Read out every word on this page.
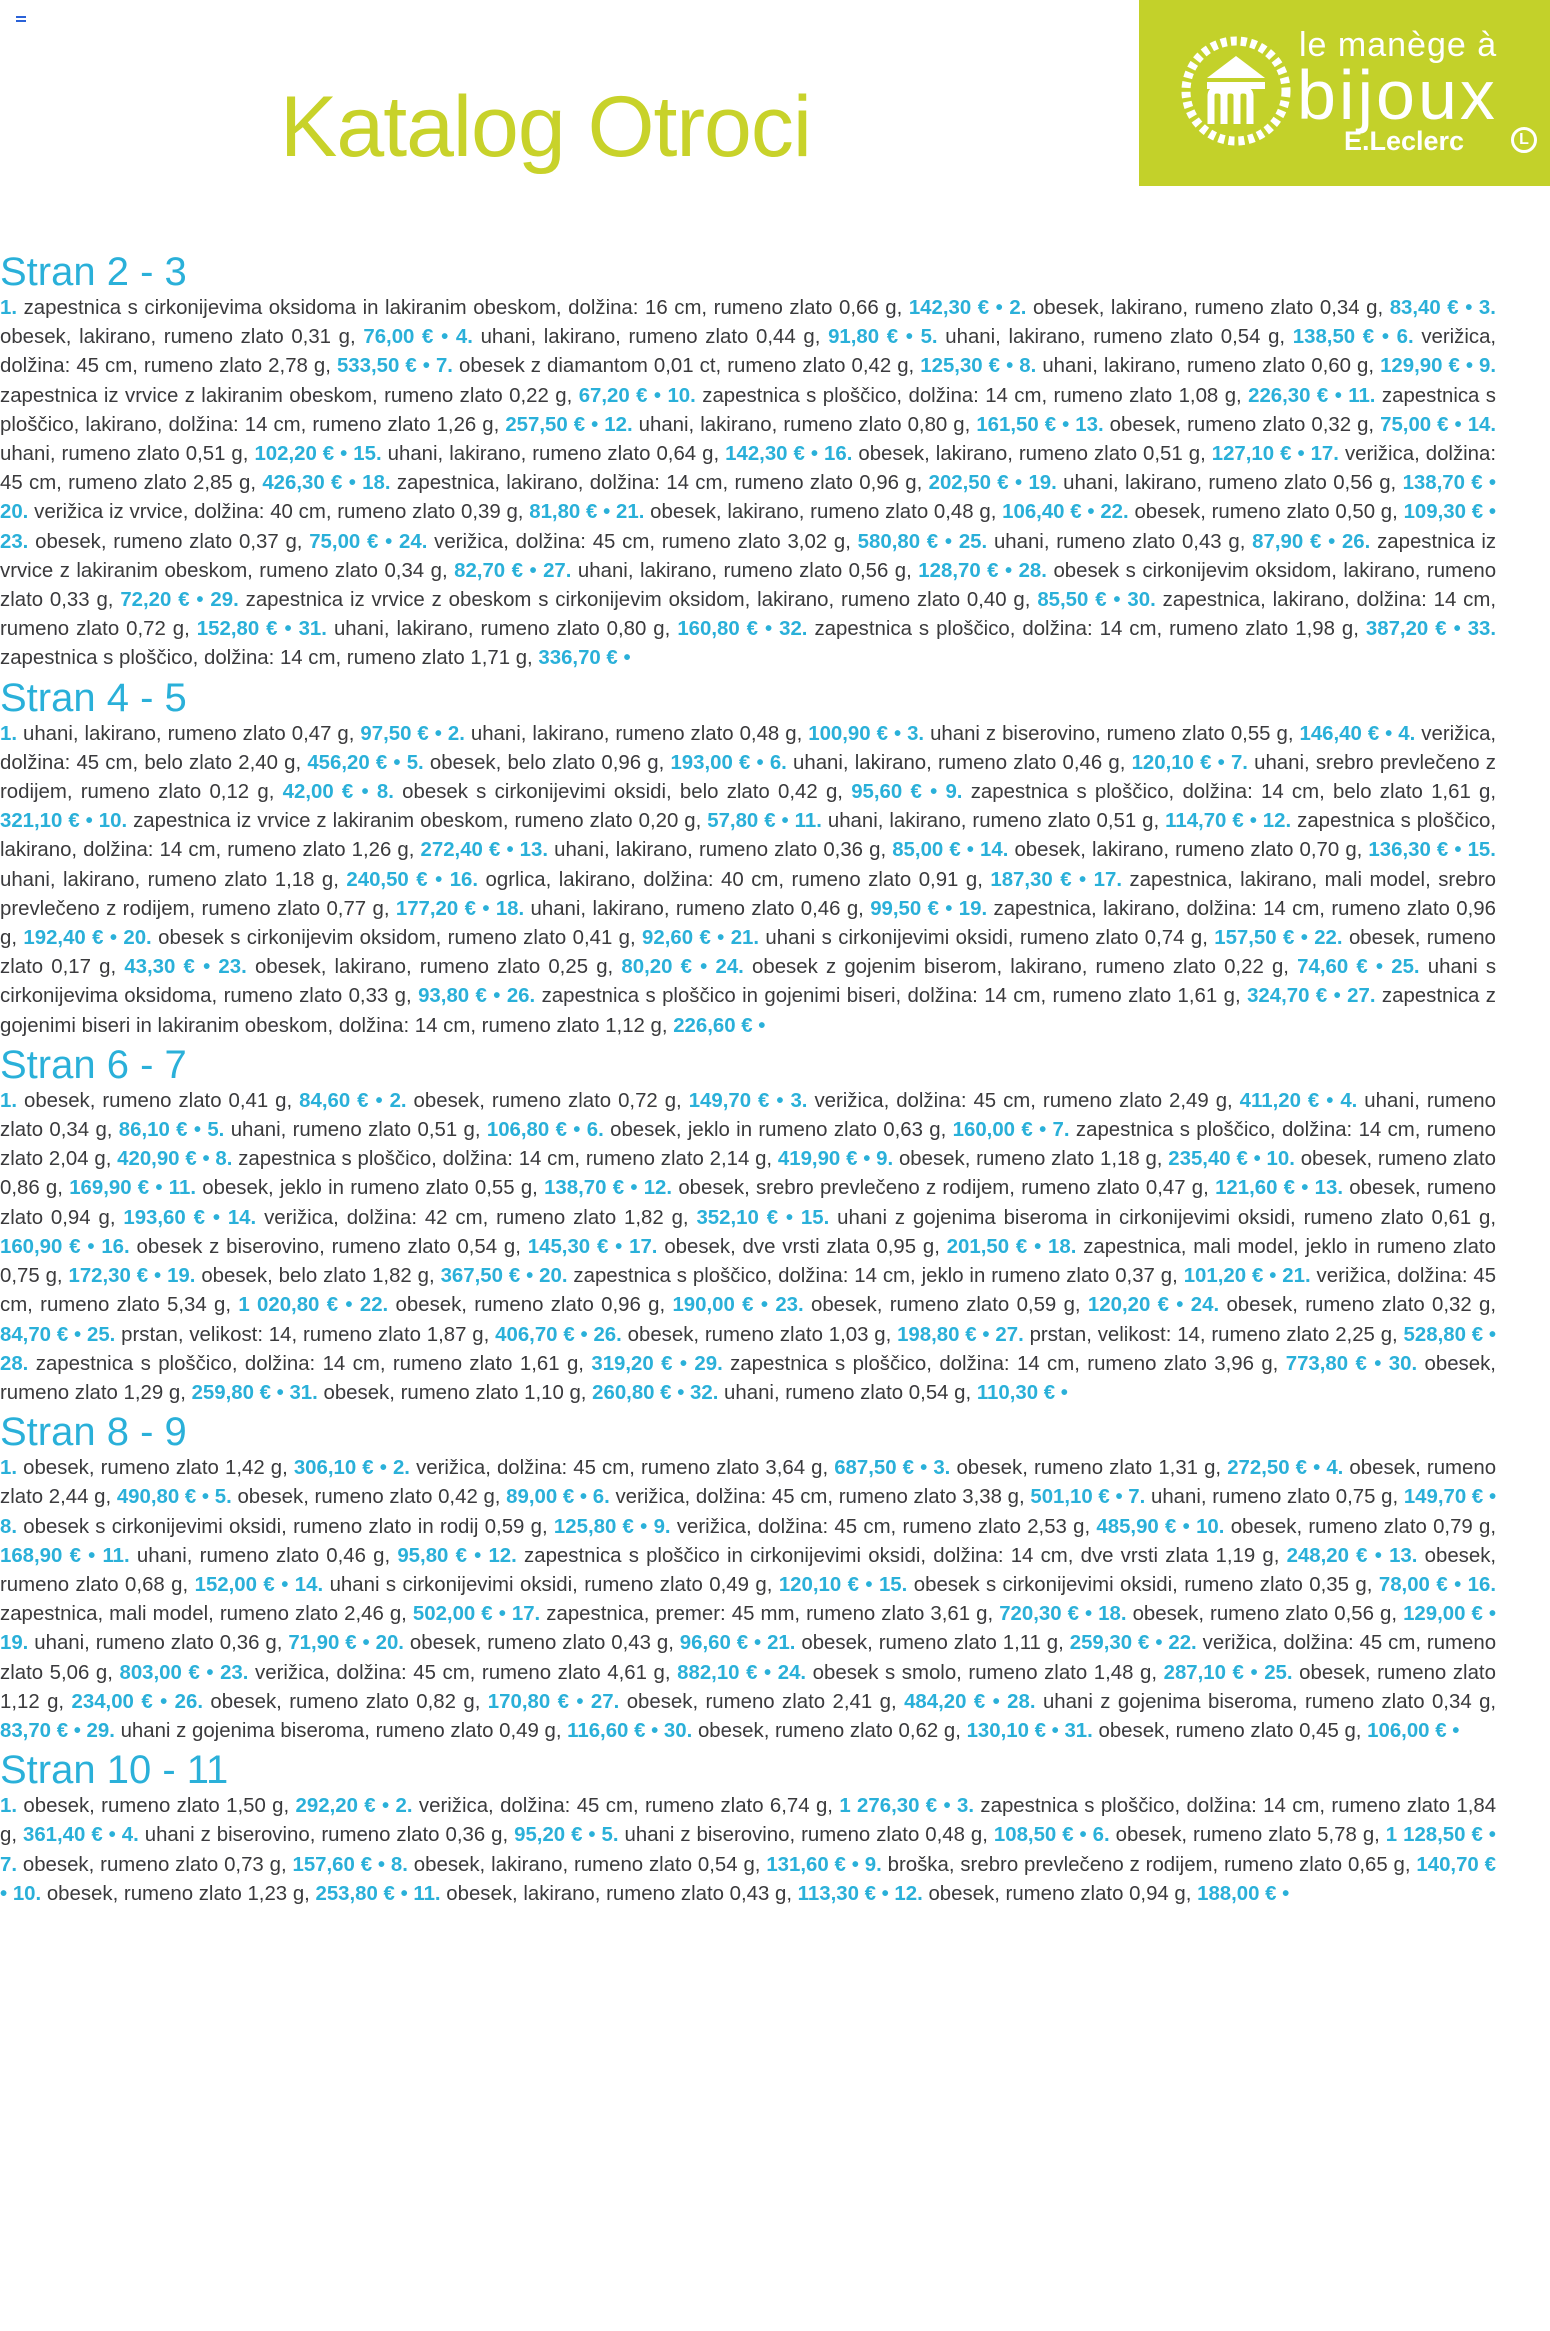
Katalog Otroci
le manège à
bijoux
E.Leclerc	L
Stran 2 - 3
1. zapestnica s cirkonijevima oksidoma in lakiranim obeskom, dolžina: 16 cm, rumeno zlato 0,66 g, 142,30 € • 2. obesek, lakirano, rumeno zlato 0,34 g, 83,40 € • 3. obesek, lakirano, rumeno zlato 0,31 g, 76,00 € • 4. uhani, lakirano, rumeno zlato 0,44 g, 91,80 € • 5. uhani, lakirano, rumeno zlato 0,54 g, 138,50 € • 6. verižica, dolžina: 45 cm, rumeno zlato 2,78 g, 533,50 € • 7. obesek z diamantom 0,01 ct, rumeno zlato 0,42 g, 125,30 € • 8. uhani, lakirano, rumeno zlato 0,60 g, 129,90 € • 9. zapestnica iz vrvice z lakiranim obeskom, rumeno zlato 0,22 g, 67,20 € • 10. zapestnica s ploščico, dolžina: 14 cm, rumeno zlato 1,08 g, 226,30 € • 11. zapestnica s ploščico, lakirano, dolžina: 14 cm, rumeno zlato 1,26 g, 257,50 € • 12. uhani, lakirano, rumeno zlato 0,80 g, 161,50 € • 13. obesek, rumeno zlato 0,32 g, 75,00 € • 14. uhani, rumeno zlato 0,51 g, 102,20 € • 15. uhani, lakirano, rumeno zlato 0,64 g, 142,30 € • 16. obesek, lakirano, rumeno zlato 0,51 g, 127,10 € • 17. verižica, dolžina: 45 cm, rumeno zlato 2,85 g, 426,30 € • 18. zapestnica, lakirano, dolžina: 14 cm, rumeno zlato 0,96 g, 202,50 € • 19. uhani, lakirano, rumeno zlato 0,56 g, 138,70 € • 20. verižica iz vrvice, dolžina: 40 cm, rumeno zlato 0,39 g, 81,80 € • 21. obesek, lakirano, rumeno zlato 0,48 g, 106,40 € • 22. obesek, rumeno zlato 0,50 g, 109,30 € • 23. obesek, rumeno zlato 0,37 g, 75,00 € • 24. verižica, dolžina: 45 cm, rumeno zlato 3,02 g, 580,80 € • 25. uhani, rumeno zlato 0,43 g, 87,90 € • 26. zapestnica iz vrvice z lakiranim obeskom, rumeno zlato 0,34 g, 82,70 € • 27. uhani, lakirano, rumeno zlato 0,56 g, 128,70 € • 28. obesek s cirkonijevim oksidom, lakirano, rumeno zlato 0,33 g, 72,20 € • 29. zapestnica iz vrvice z obeskom s cirkonijevim oksidom, lakirano, rumeno zlato 0,40 g, 85,50 € • 30. zapestnica, lakirano, dolžina: 14 cm, rumeno zlato 0,72 g, 152,80 € • 31. uhani, lakirano, rumeno zlato 0,80 g, 160,80 € • 32. zapestnica s ploščico, dolžina: 14 cm, rumeno zlato 1,98 g, 387,20 € • 33. zapestnica s ploščico, dolžina: 14 cm, rumeno zlato 1,71 g, 336,70 € •
Stran 4 - 5
1. uhani, lakirano, rumeno zlato 0,47 g, 97,50 € • 2. uhani, lakirano, rumeno zlato 0,48 g, 100,90 € • 3. uhani z biserovino, rumeno zlato 0,55 g, 146,40 € • 4. verižica, dolžina: 45 cm, belo zlato 2,40 g, 456,20 € • 5. obesek, belo zlato 0,96 g, 193,00 € • 6. uhani, lakirano, rumeno zlato 0,46 g, 120,10 € • 7. uhani, srebro prevlečeno z rodijem, rumeno zlato 0,12 g, 42,00 € • 8. obesek s cirkonijevimi oksidi, belo zlato 0,42 g, 95,60 € • 9. zapestnica s ploščico, dolžina: 14 cm, belo zlato 1,61 g, 321,10 € • 10. zapestnica iz vrvice z lakiranim obeskom, rumeno zlato 0,20 g, 57,80 € • 11. uhani, lakirano, rumeno zlato 0,51 g, 114,70 € • 12. zapestnica s ploščico, lakirano, dolžina: 14 cm, rumeno zlato 1,26 g, 272,40 € • 13. uhani, lakirano, rumeno zlato 0,36 g, 85,00 € • 14. obesek, lakirano, rumeno zlato 0,70 g, 136,30 € • 15. uhani, lakirano, rumeno zlato 1,18 g, 240,50 € • 16. ogrlica, lakirano, dolžina: 40 cm, rumeno zlato 0,91 g, 187,30 € • 17. zapestnica, lakirano, mali model, srebro prevlečeno z rodijem, rumeno zlato 0,77 g, 177,20 € • 18. uhani, lakirano, rumeno zlato 0,46 g, 99,50 € • 19. zapestnica, lakirano, dolžina: 14 cm, rumeno zlato 0,96 g, 192,40 € • 20. obesek s cirkonijevim oksidom, rumeno zlato 0,41 g, 92,60 € • 21. uhani s cirkonijevimi oksidi, rumeno zlato 0,74 g, 157,50 € • 22. obesek, rumeno zlato 0,17 g, 43,30 € • 23. obesek, lakirano, rumeno zlato 0,25 g, 80,20 € • 24. obesek z gojenim biserom, lakirano, rumeno zlato 0,22 g, 74,60 € • 25. uhani s cirkonijevima oksidoma, rumeno zlato 0,33 g, 93,80 € • 26. zapestnica s ploščico in gojenimi biseri, dolžina: 14 cm, rumeno zlato 1,61 g, 324,70 € • 27. zapestnica z gojenimi biseri in lakiranim obeskom, dolžina: 14 cm, rumeno zlato 1,12 g, 226,60 € •
Stran 6 - 7
1. obesek, rumeno zlato 0,41 g, 84,60 € • 2. obesek, rumeno zlato 0,72 g, 149,70 € • 3. verižica, dolžina: 45 cm, rumeno zlato 2,49 g, 411,20 € • 4. uhani, rumeno zlato 0,34 g, 86,10 € • 5. uhani, rumeno zlato 0,51 g, 106,80 € • 6. obesek, jeklo in rumeno zlato 0,63 g, 160,00 € • 7. zapestnica s ploščico, dolžina: 14 cm, rumeno zlato 2,04 g, 420,90 € • 8. zapestnica s ploščico, dolžina: 14 cm, rumeno zlato 2,14 g, 419,90 € • 9. obesek, rumeno zlato 1,18 g, 235,40 € • 10. obesek, rumeno zlato 0,86 g, 169,90 € • 11. obesek, jeklo in rumeno zlato 0,55 g, 138,70 € • 12. obesek, srebro prevlečeno z rodijem, rumeno zlato 0,47 g, 121,60 € • 13. obesek, rumeno zlato 0,94 g, 193,60 € • 14. verižica, dolžina: 42 cm, rumeno zlato 1,82 g, 352,10 € • 15. uhani z gojenima biseroma in cirkonijevimi oksidi, rumeno zlato 0,61 g, 160,90 € • 16. obesek z biserovino, rumeno zlato 0,54 g, 145,30 € • 17. obesek, dve vrsti zlata 0,95 g, 201,50 € • 18. zapestnica, mali model, jeklo in rumeno zlato 0,75 g, 172,30 € • 19. obesek, belo zlato 1,82 g, 367,50 € • 20. zapestnica s ploščico, dolžina: 14 cm, jeklo in rumeno zlato 0,37 g, 101,20 € • 21. verižica, dolžina: 45 cm, rumeno zlato 5,34 g, 1 020,80 € • 22. obesek, rumeno zlato 0,96 g, 190,00 € • 23. obesek, rumeno zlato 0,59 g, 120,20 € • 24. obesek, rumeno zlato 0,32 g, 84,70 € • 25. prstan, velikost: 14, rumeno zlato 1,87 g, 406,70 € • 26. obesek, rumeno zlato 1,03 g, 198,80 € • 27. prstan, velikost: 14, rumeno zlato 2,25 g, 528,80 € • 28. zapestnica s ploščico, dolžina: 14 cm, rumeno zlato 1,61 g, 319,20 € • 29. zapestnica s ploščico, dolžina: 14 cm, rumeno zlato 3,96 g, 773,80 € • 30. obesek, rumeno zlato 1,29 g, 259,80 € • 31. obesek, rumeno zlato 1,10 g, 260,80 € • 32. uhani, rumeno zlato 0,54 g, 110,30 € •
Stran 8 - 9
1. obesek, rumeno zlato 1,42 g, 306,10 € • 2. verižica, dolžina: 45 cm, rumeno zlato 3,64 g, 687,50 € • 3. obesek, rumeno zlato 1,31 g, 272,50 € • 4. obesek, rumeno zlato 2,44 g, 490,80 € • 5. obesek, rumeno zlato 0,42 g, 89,00 € • 6. verižica, dolžina: 45 cm, rumeno zlato 3,38 g, 501,10 € • 7. uhani, rumeno zlato 0,75 g, 149,70 € • 8. obesek s cirkonijevimi oksidi, rumeno zlato in rodij 0,59 g, 125,80 € • 9. verižica, dolžina: 45 cm, rumeno zlato 2,53 g, 485,90 € • 10. obesek, rumeno zlato 0,79 g, 168,90 € • 11. uhani, rumeno zlato 0,46 g, 95,80 € • 12. zapestnica s ploščico in cirkonijevimi oksidi, dolžina: 14 cm, dve vrsti zlata 1,19 g, 248,20 € • 13. obesek, rumeno zlato 0,68 g, 152,00 € • 14. uhani s cirkonijevimi oksidi, rumeno zlato 0,49 g, 120,10 € • 15. obesek s cirkonijevimi oksidi, rumeno zlato 0,35 g, 78,00 € • 16. zapestnica, mali model, rumeno zlato 2,46 g, 502,00 € • 17. zapestnica, premer: 45 mm, rumeno zlato 3,61 g, 720,30 € • 18. obesek, rumeno zlato 0,56 g, 129,00 € • 19. uhani, rumeno zlato 0,36 g, 71,90 € • 20. obesek, rumeno zlato 0,43 g, 96,60 € • 21. obesek, rumeno zlato 1,11 g, 259,30 € • 22. verižica, dolžina: 45 cm, rumeno zlato 5,06 g, 803,00 € • 23. verižica, dolžina: 45 cm, rumeno zlato 4,61 g, 882,10 € • 24. obesek s smolo, rumeno zlato 1,48 g, 287,10 € • 25. obesek, rumeno zlato 1,12 g, 234,00 € • 26. obesek, rumeno zlato 0,82 g, 170,80 € • 27. obesek, rumeno zlato 2,41 g, 484,20 € • 28. uhani z gojenima biseroma, rumeno zlato 0,34 g, 83,70 € • 29. uhani z gojenima biseroma, rumeno zlato 0,49 g, 116,60 € • 30. obesek, rumeno zlato 0,62 g, 130,10 € • 31. obesek, rumeno zlato 0,45 g, 106,00 € •
Stran 10 - 11
1. obesek, rumeno zlato 1,50 g, 292,20 € • 2. verižica, dolžina: 45 cm, rumeno zlato 6,74 g, 1 276,30 € • 3. zapestnica s ploščico, dolžina: 14 cm, rumeno zlato 1,84 g, 361,40 € • 4. uhani z biserovino, rumeno zlato 0,36 g, 95,20 € • 5. uhani z biserovino, rumeno zlato 0,48 g, 108,50 € • 6. obesek, rumeno zlato 5,78 g, 1 128,50 € • 7. obesek, rumeno zlato 0,73 g, 157,60 € • 8. obesek, lakirano, rumeno zlato 0,54 g, 131,60 € • 9. broška, srebro prevlečeno z rodijem, rumeno zlato 0,65 g, 140,70 € • 10. obesek, rumeno zlato 1,23 g, 253,80 € • 11. obesek, lakirano, rumeno zlato 0,43 g, 113,30 € • 12. obesek, rumeno zlato 0,94 g, 188,00 € •
